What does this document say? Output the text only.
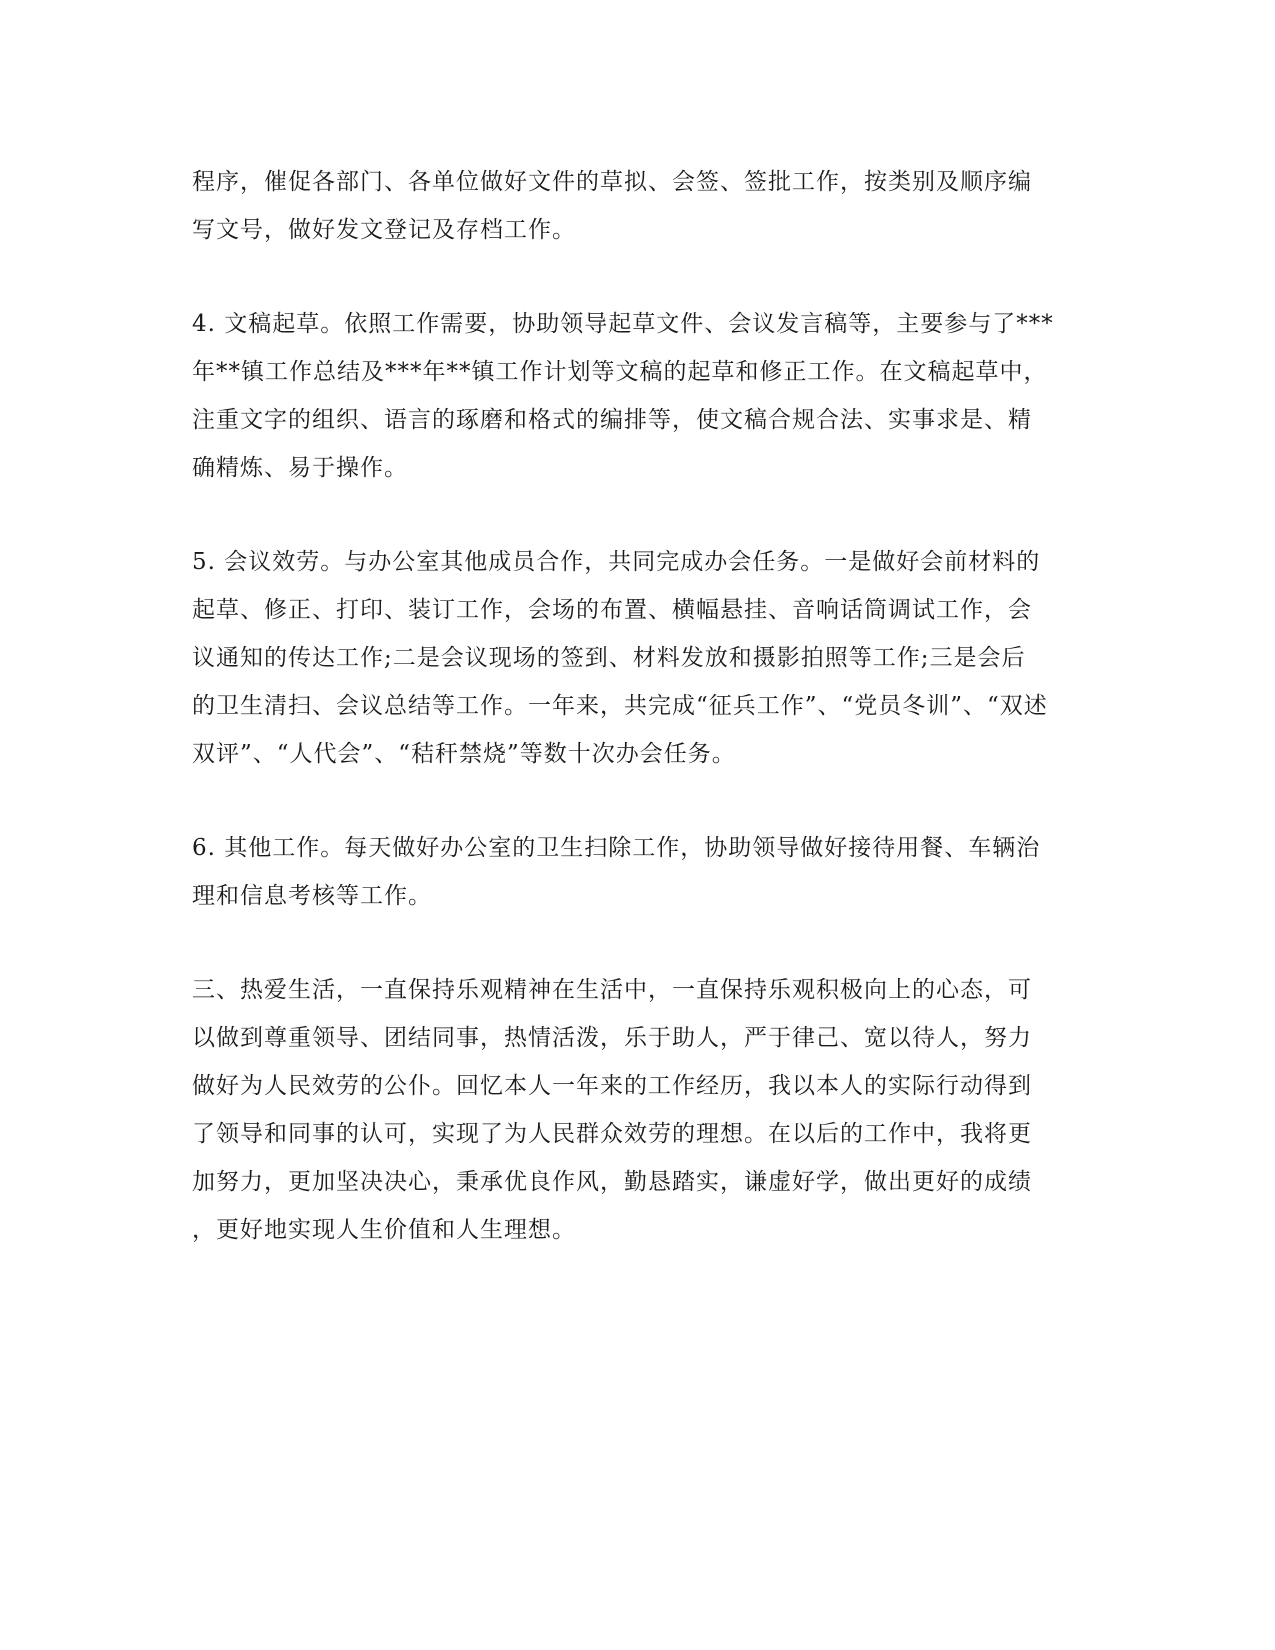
程序，催促各部门、各单位做好文件的草拟、会签、签批工作，按类别及顺序编
写文号，做好发文登记及存档工作。

4. 文稿起草。依照工作需要，协助领导起草文件、会议发言稿等，主要参与了***
年**镇工作总结及***年**镇工作计划等文稿的起草和修正工作。在文稿起草中，
注重文字的组织、语言的琢磨和格式的编排等，使文稿合规合法、实事求是、精
确精炼、易于操作。

5. 会议效劳。与办公室其他成员合作，共同完成办会任务。一是做好会前材料的
起草、修正、打印、装订工作，会场的布置、横幅悬挂、音响话筒调试工作，会
议通知的传达工作;二是会议现场的签到、材料发放和摄影拍照等工作;三是会后
的卫生清扫、会议总结等工作。一年来，共完成“征兵工作”、“党员冬训”、“双述
双评”、“人代会”、“秸秆禁烧”等数十次办会任务。

6. 其他工作。每天做好办公室的卫生扫除工作，协助领导做好接待用餐、车辆治
理和信息考核等工作。

三、热爱生活，一直保持乐观精神在生活中，一直保持乐观积极向上的心态，可
以做到尊重领导、团结同事，热情活泼，乐于助人，严于律己、宽以待人，努力
做好为人民效劳的公仆。回忆本人一年来的工作经历，我以本人的实际行动得到
了领导和同事的认可，实现了为人民群众效劳的理想。在以后的工作中，我将更
加努力，更加坚决决心，秉承优良作风，勤恳踏实，谦虚好学，做出更好的成绩
，更好地实现人生价值和人生理想。
